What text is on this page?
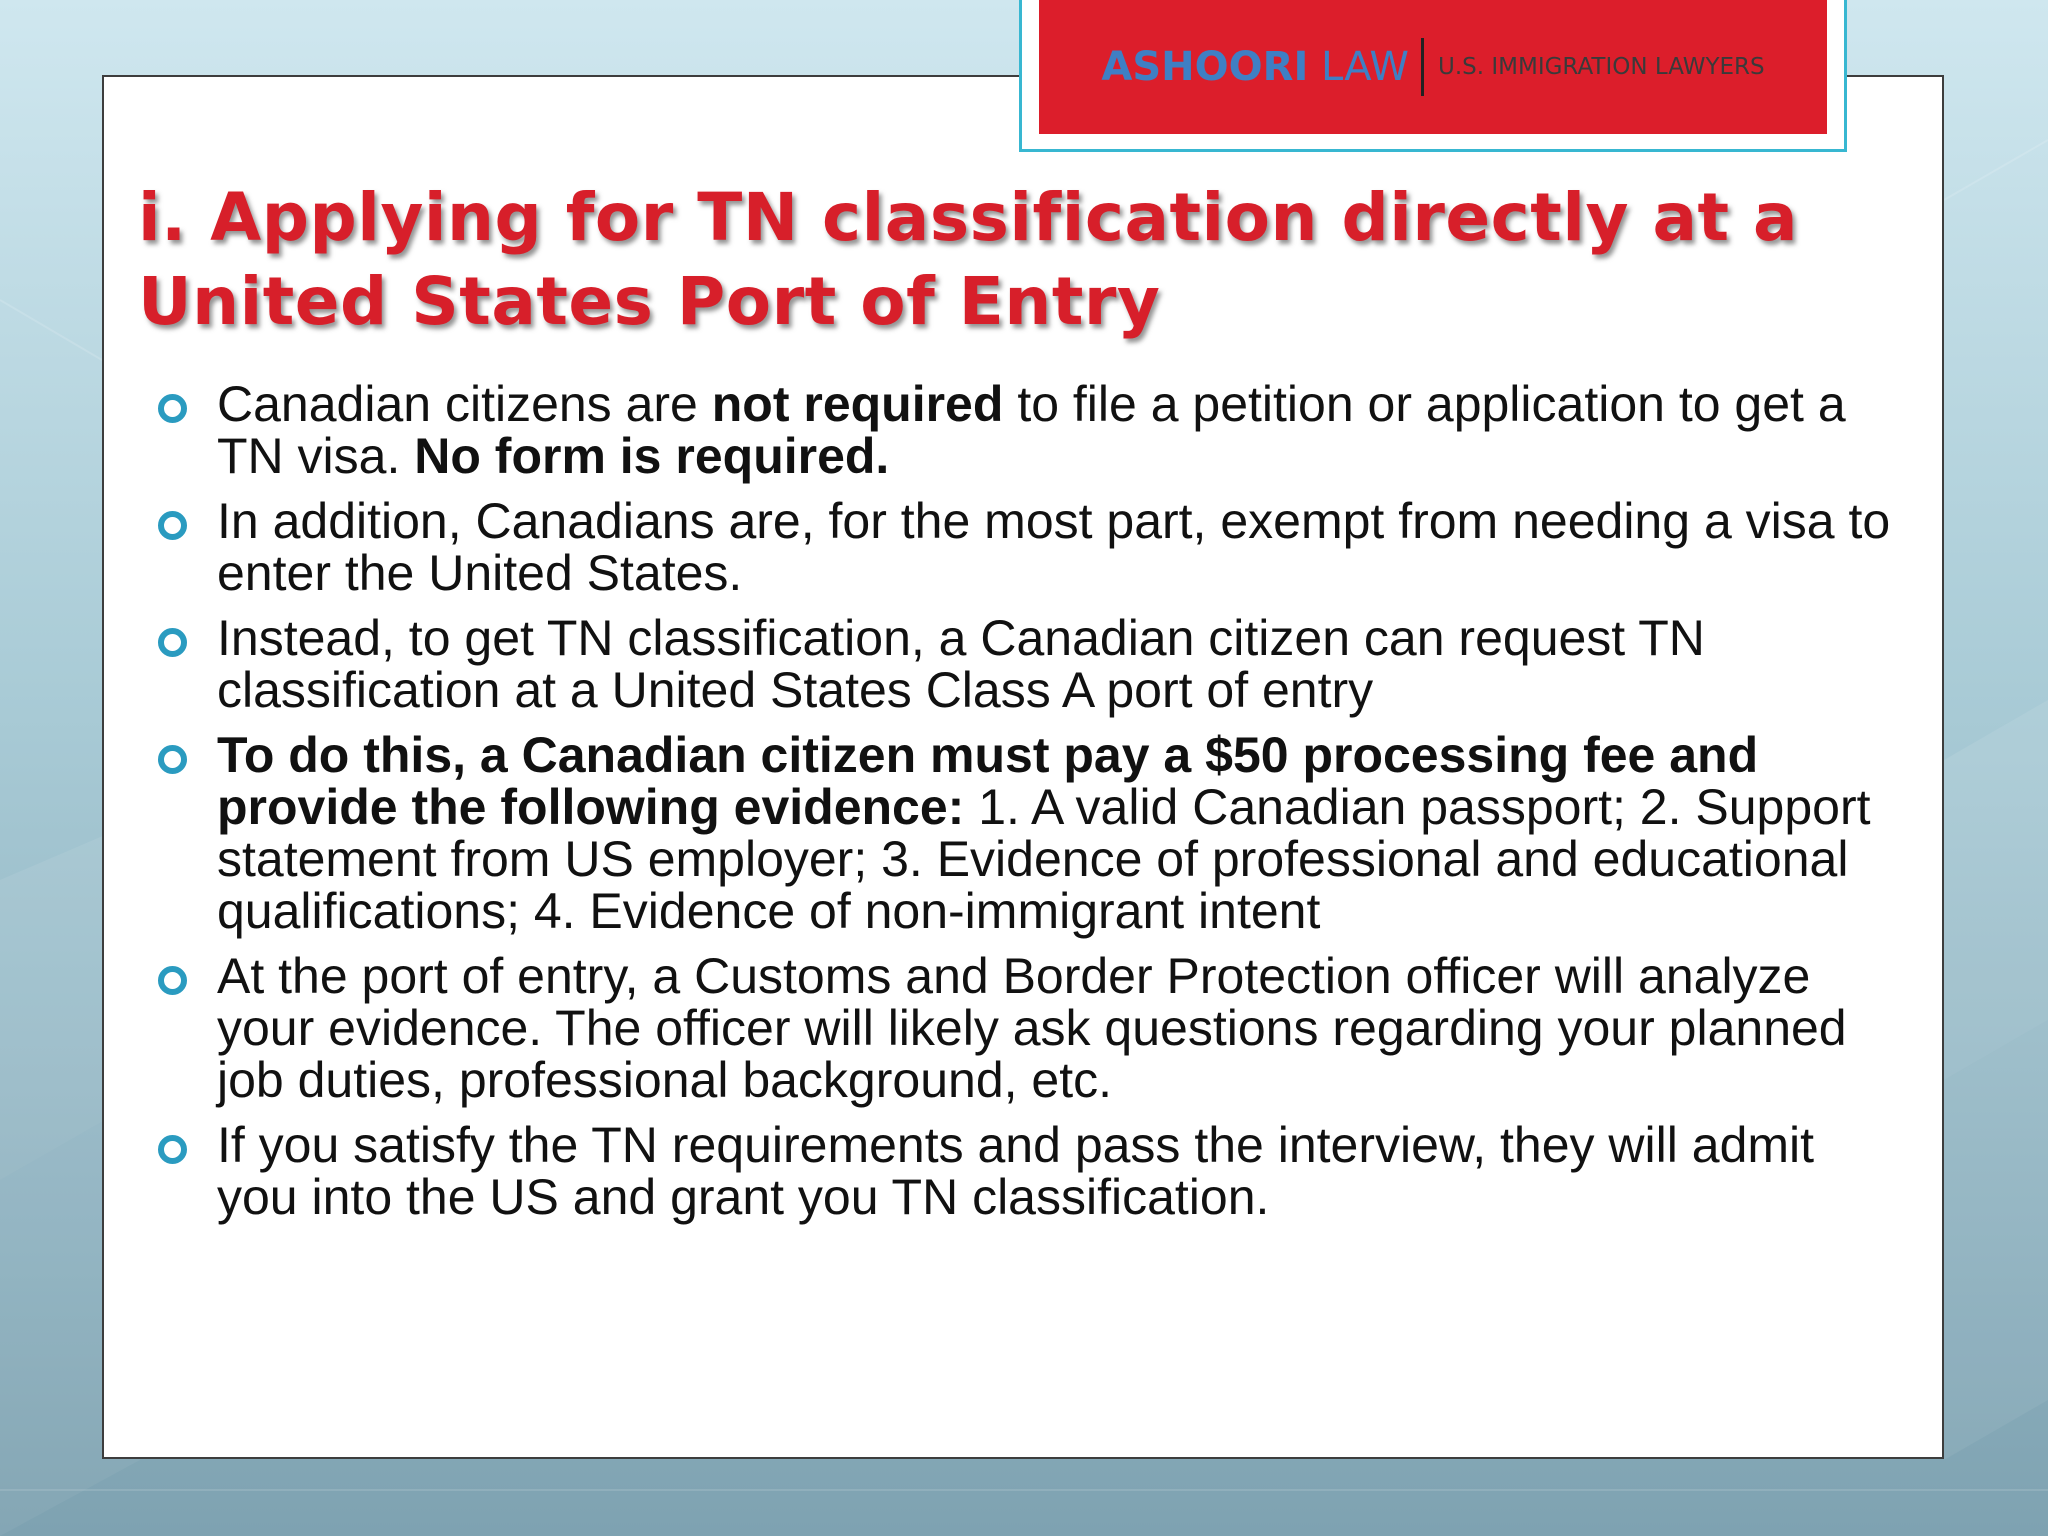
ASHOORI LAW U.S. IMMIGRATION LAWYERS
i. Applying for TN classification directly at a United States Port of Entry
Canadian citizens are not required to file a petition or application to get a TN visa. No form is required.
In addition, Canadians are, for the most part, exempt from needing a visa to enter the United States.
Instead, to get TN classification, a Canadian citizen can request TN classification at a United States Class A port of entry
To do this, a Canadian citizen must pay a $50 processing fee and provide the following evidence: 1. A valid Canadian passport; 2. Support statement from US employer; 3. Evidence of professional and educational qualifications; 4. Evidence of non-immigrant intent
At the port of entry, a Customs and Border Protection officer will analyze your evidence. The officer will likely ask questions regarding your planned job duties, professional background, etc.
If you satisfy the TN requirements and pass the interview, they will admit you into the US and grant you TN classification.
